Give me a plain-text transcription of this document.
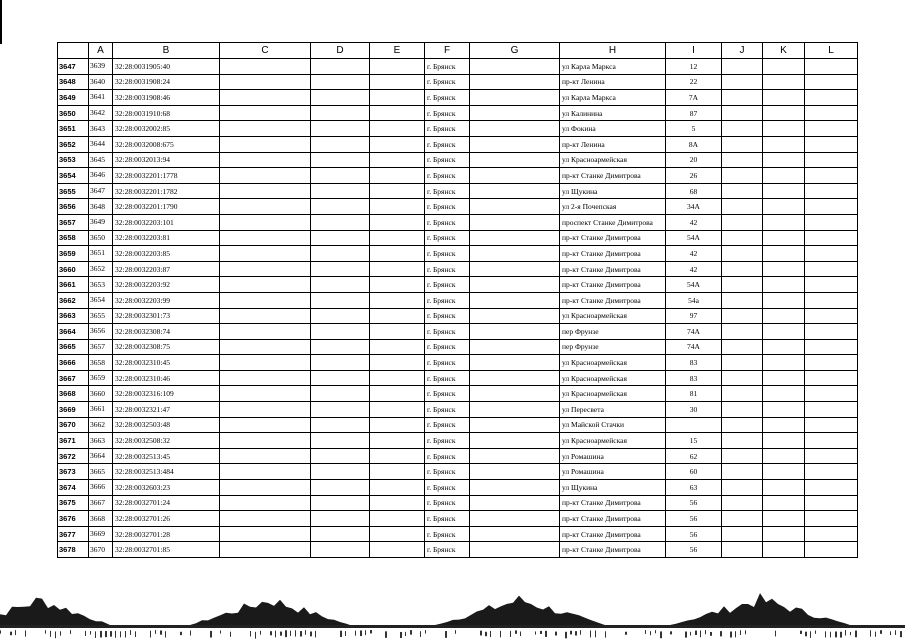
	A	B	C	D	E	F	G	H	I	J	K	L
3647	3639	32:28:0031905:40				г. Брянск		ул Карла Маркса	12			
3648	3640	32:28:0031908:24				г. Брянск		пр-кт Ленина	22			
3649	3641	32:28:0031908:46				г. Брянск		ул Карла Маркса	7А			
3650	3642	32:28:0031910:68				г. Брянск		ул Калинина	87			
3651	3643	32:28:0032002:85				г. Брянск		ул Фокина	5			
3652	3644	32:28:0032008:675				г. Брянск		пр-кт Ленина	8А			
3653	3645	32:28:0032013:94				г. Брянск		ул Красноармейская	20			
3654	3646	32:28:0032201:1778				г. Брянск		пр-кт Станке Димитрова	26			
3655	3647	32:28:0032201:1782				г. Брянск		ул Щукина	68			
3656	3648	32:28:0032201:1790				г. Брянск		ул 2-я Почепская	34А			
3657	3649	32:28:0032203:101				г. Брянск		проспект Станке Димитрова	42			
3658	3650	32:28:0032203:81				г. Брянск		пр-кт Станке Димитрова	54А			
3659	3651	32:28:0032203:85				г. Брянск		пр-кт Станке Димитрова	42			
3660	3652	32:28:0032203:87				г. Брянск		пр-кт Станке Димитрова	42			
3661	3653	32:28:0032203:92				г. Брянск		пр-кт Станке Димитрова	54А			
3662	3654	32:28:0032203:99				г. Брянск		пр-кт Станке Димитрова	54а			
3663	3655	32:28:0032301:73				г. Брянск		ул Красноармейская	97			
3664	3656	32:28:0032308:74				г. Брянск		пер Фрунзе	74А			
3665	3657	32:28:0032308:75				г. Брянск		пер Фрунзе	74А			
3666	3658	32:28:0032310:45				г. Брянск		ул Красноармейская	83			
3667	3659	32:28:0032310:46				г. Брянск		ул Красноармейская	83			
3668	3660	32:28:0032316:109				г. Брянск		ул Красноармейская	81			
3669	3661	32:28:0032321:47				г. Брянск		ул Пересвета	30			
3670	3662	32:28:0032503:48				г. Брянск		ул Майской Стачки				
3671	3663	32:28:0032508:32				г. Брянск		ул Красноармейская	15			
3672	3664	32:28:0032513:45				г. Брянск		ул Ромашина	62			
3673	3665	32:28:0032513:484				г. Брянск		ул Ромашина	60			
3674	3666	32:28:0032603:23				г. Брянск		ул Щукина	63			
3675	3667	32:28:0032701:24				г. Брянск		пр-кт Станке Димитрова	56			
3676	3668	32:28:0032701:26				г. Брянск		пр-кт Станке Димитрова	56			
3677	3669	32:28:0032701:28				г. Брянск		пр-кт Станке Димитрова	56			
3678	3670	32:28:0032701:85				г. Брянск		пр-кт Станке Димитрова	56			
